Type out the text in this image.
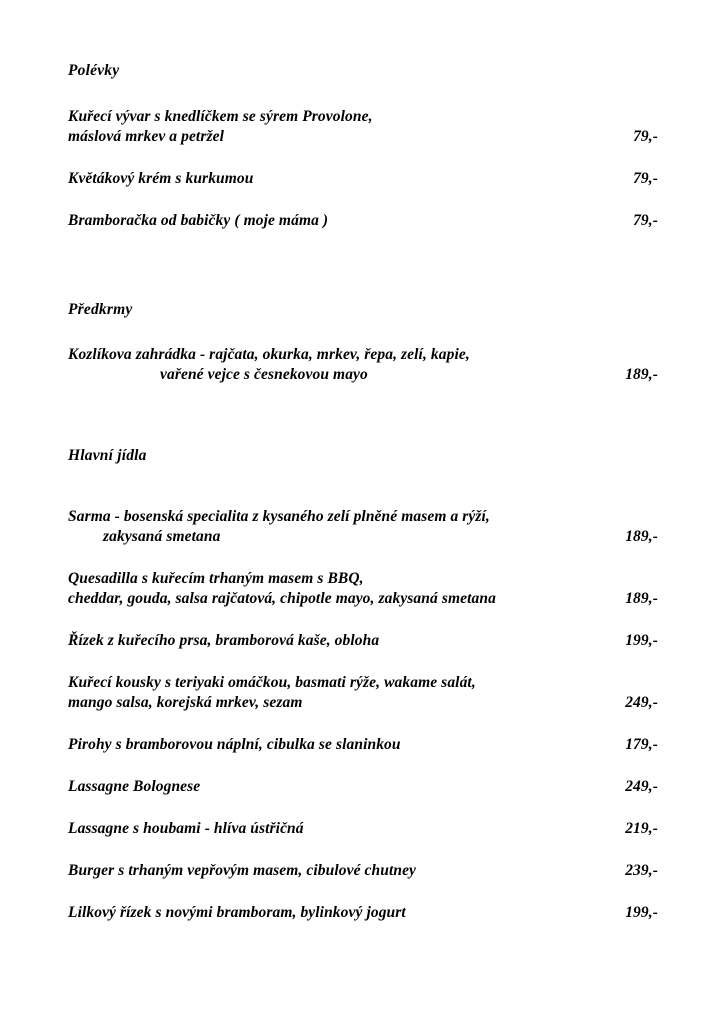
Polévky
Kuřecí vývar s knedlíčkem se sýrem Provolone,
máslová mrkev a petržel	79,-
Květákový krém s kurkumou	79,-
Bramboračka od babičky ( moje máma )	79,-
Předkrmy
Kozlíkova zahrádka - rajčata, okurka, mrkev, řepa, zelí, kapie,
vařené vejce s česnekovou mayo	189,-
Hlavní jídla
Sarma - bosenská specialita z kysaného zelí plněné masem a rýží,
zakysaná smetana	189,-
Quesadilla s kuřecím trhaným masem s BBQ,
cheddar, gouda, salsa rajčatová, chipotle mayo, zakysaná smetana	189,-
Řízek z kuřecího prsa, bramborová kaše, obloha	199,-
Kuřecí kousky s teriyaki omáčkou, basmati rýže, wakame salát,
mango salsa, korejská mrkev, sezam	249,-
Pirohy s bramborovou náplní, cibulka se slaninkou	179,-
Lassagne Bolognese	249,-
Lassagne s houbami - hlíva ústřičná	219,-
Burger s trhaným vepřovým masem, cibulové chutney	239,-
Lilkový řízek s novými bramboram, bylinkový jogurt	199,-
